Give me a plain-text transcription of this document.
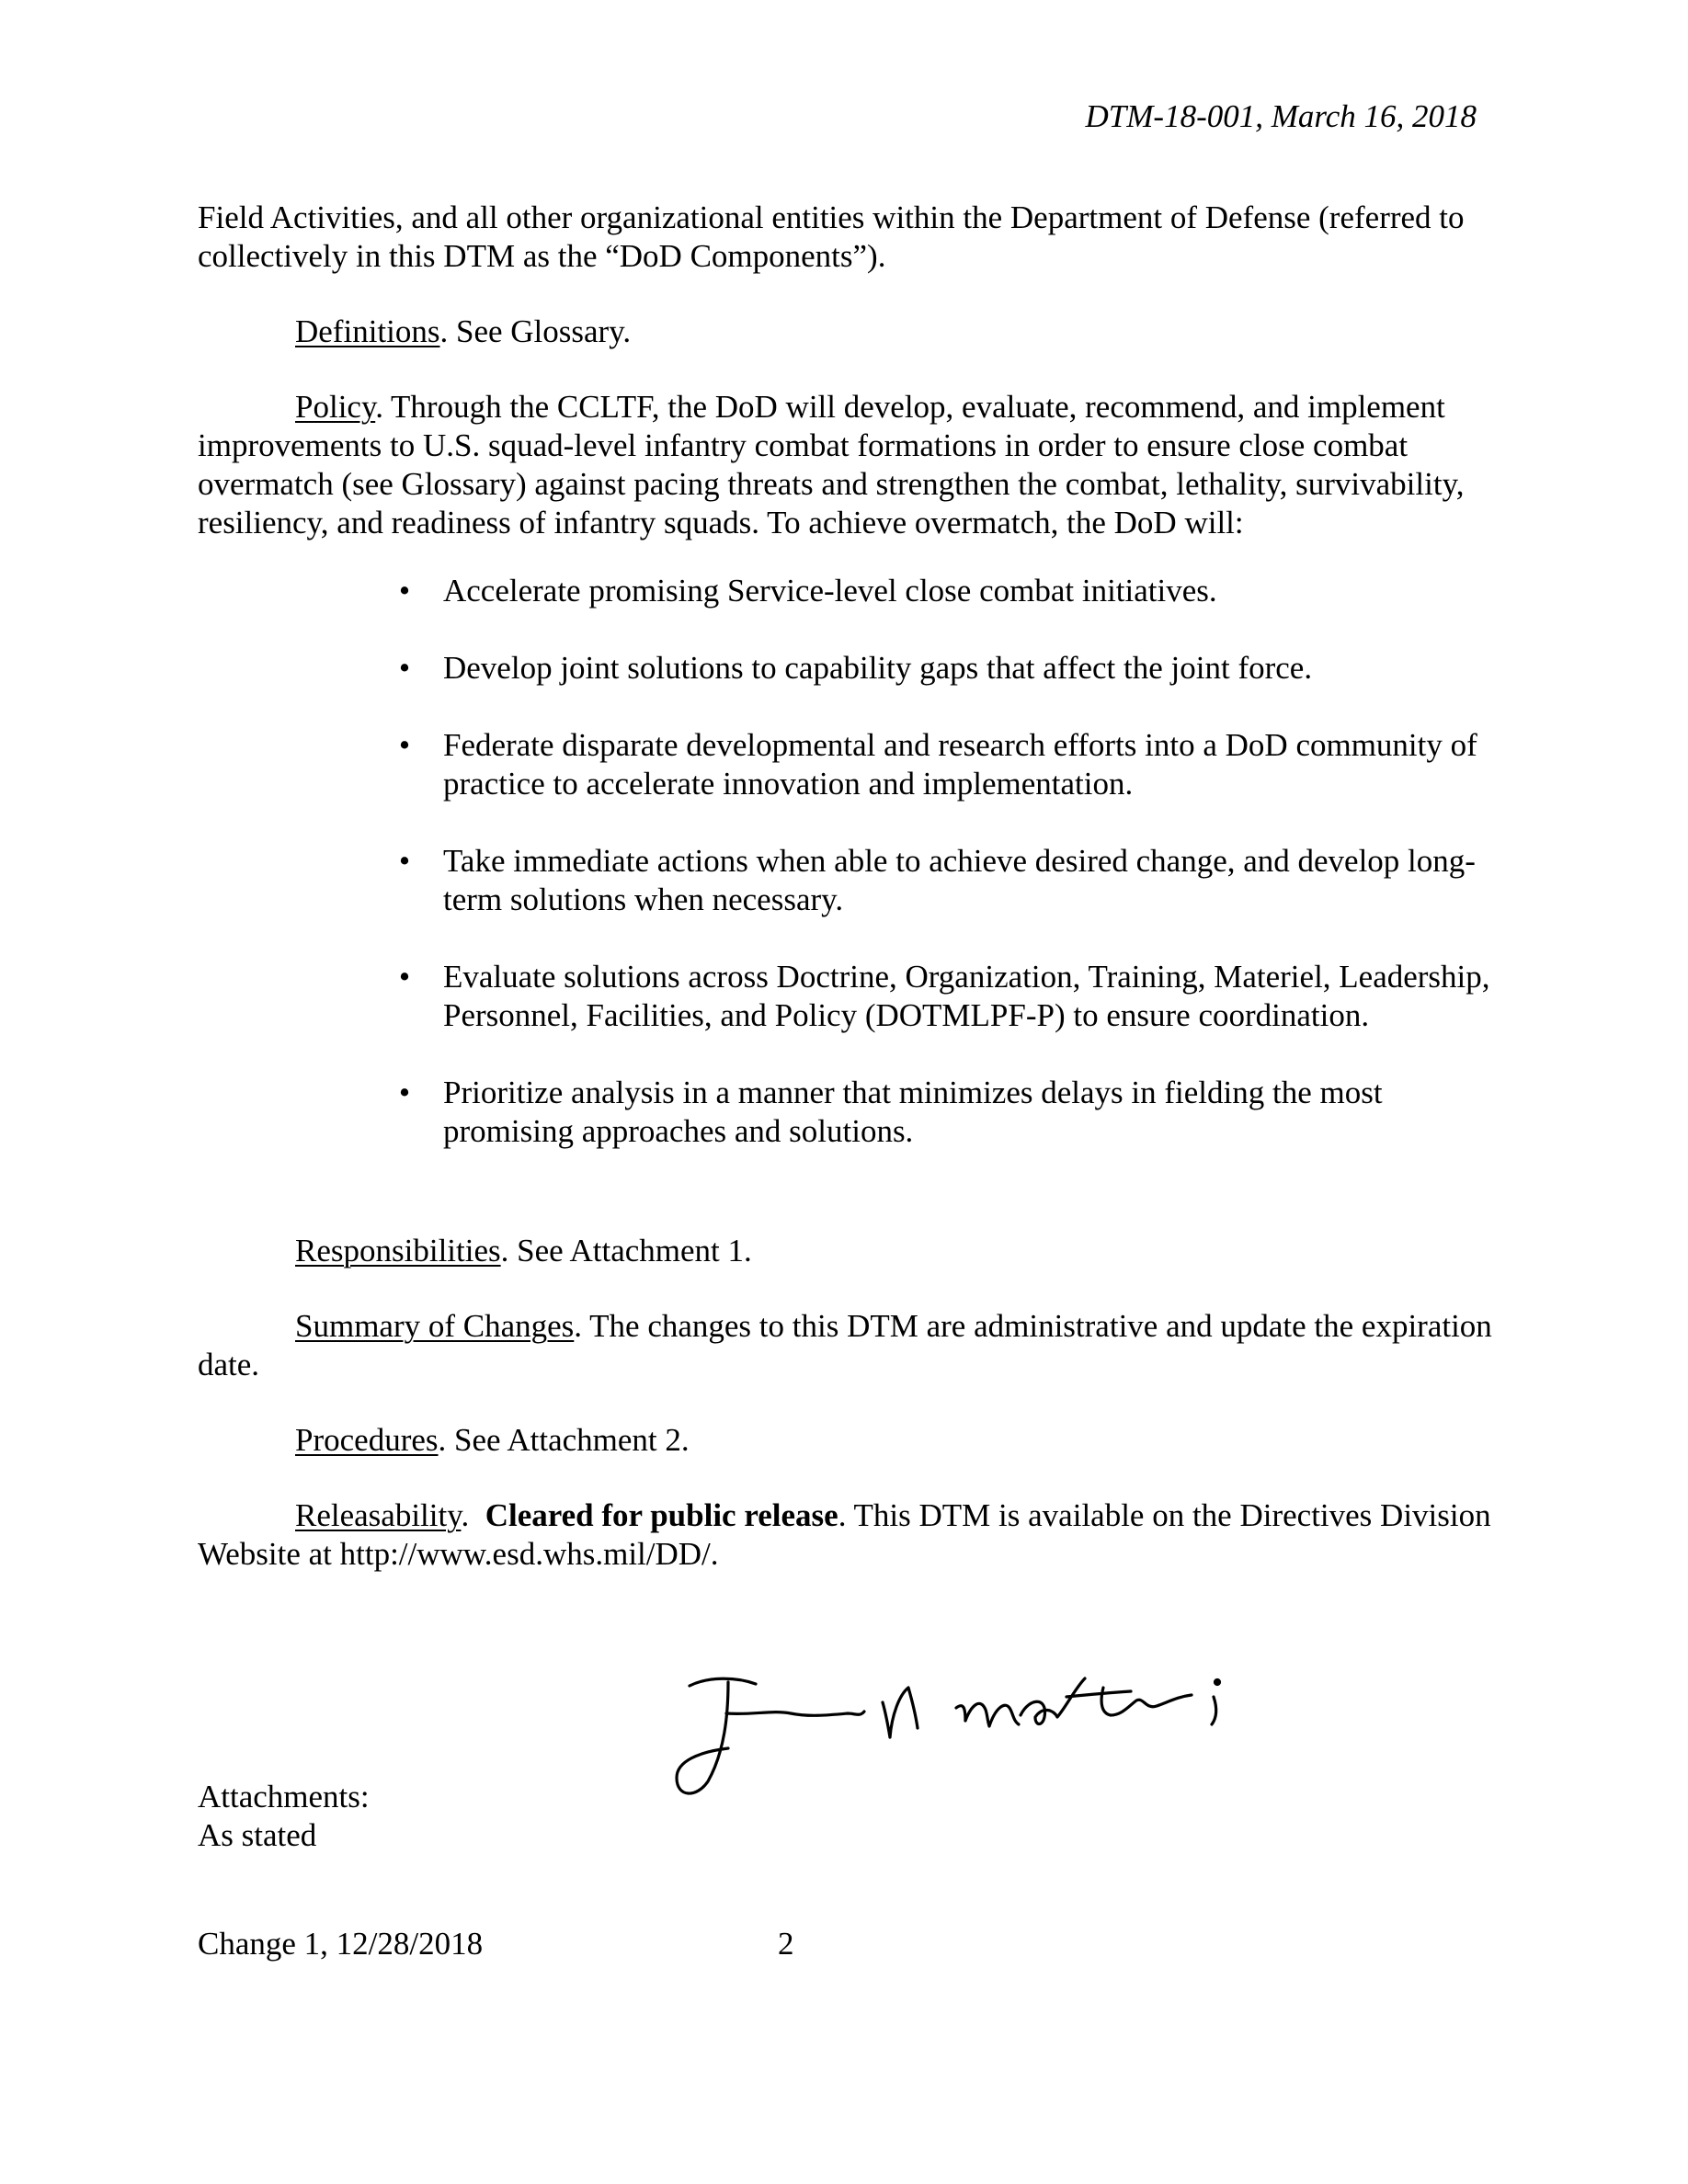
DTM-18-001, March 16, 2018

Field Activities, and all other organizational entities within the Department of Defense (referred to collectively in this DTM as the “DoD Components”).

Definitions. See Glossary.

Policy. Through the CCLTF, the DoD will develop, evaluate, recommend, and implement improvements to U.S. squad-level infantry combat formations in order to ensure close combat overmatch (see Glossary) against pacing threats and strengthen the combat, lethality, survivability, resiliency, and readiness of infantry squads. To achieve overmatch, the DoD will:

• Accelerate promising Service-level close combat initiatives.
• Develop joint solutions to capability gaps that affect the joint force.
• Federate disparate developmental and research efforts into a DoD community of practice to accelerate innovation and implementation.
• Take immediate actions when able to achieve desired change, and develop long-term solutions when necessary.
• Evaluate solutions across Doctrine, Organization, Training, Materiel, Leadership, Personnel, Facilities, and Policy (DOTMLPF-P) to ensure coordination.
• Prioritize analysis in a manner that minimizes delays in fielding the most promising approaches and solutions.

Responsibilities. See Attachment 1.

Summary of Changes. The changes to this DTM are administrative and update the expiration date.

Procedures. See Attachment 2.

Releasability.  Cleared for public release. This DTM is available on the Directives Division Website at http://www.esd.whs.mil/DD/.

Attachments:
As stated
Change 1, 12/28/2018	2
